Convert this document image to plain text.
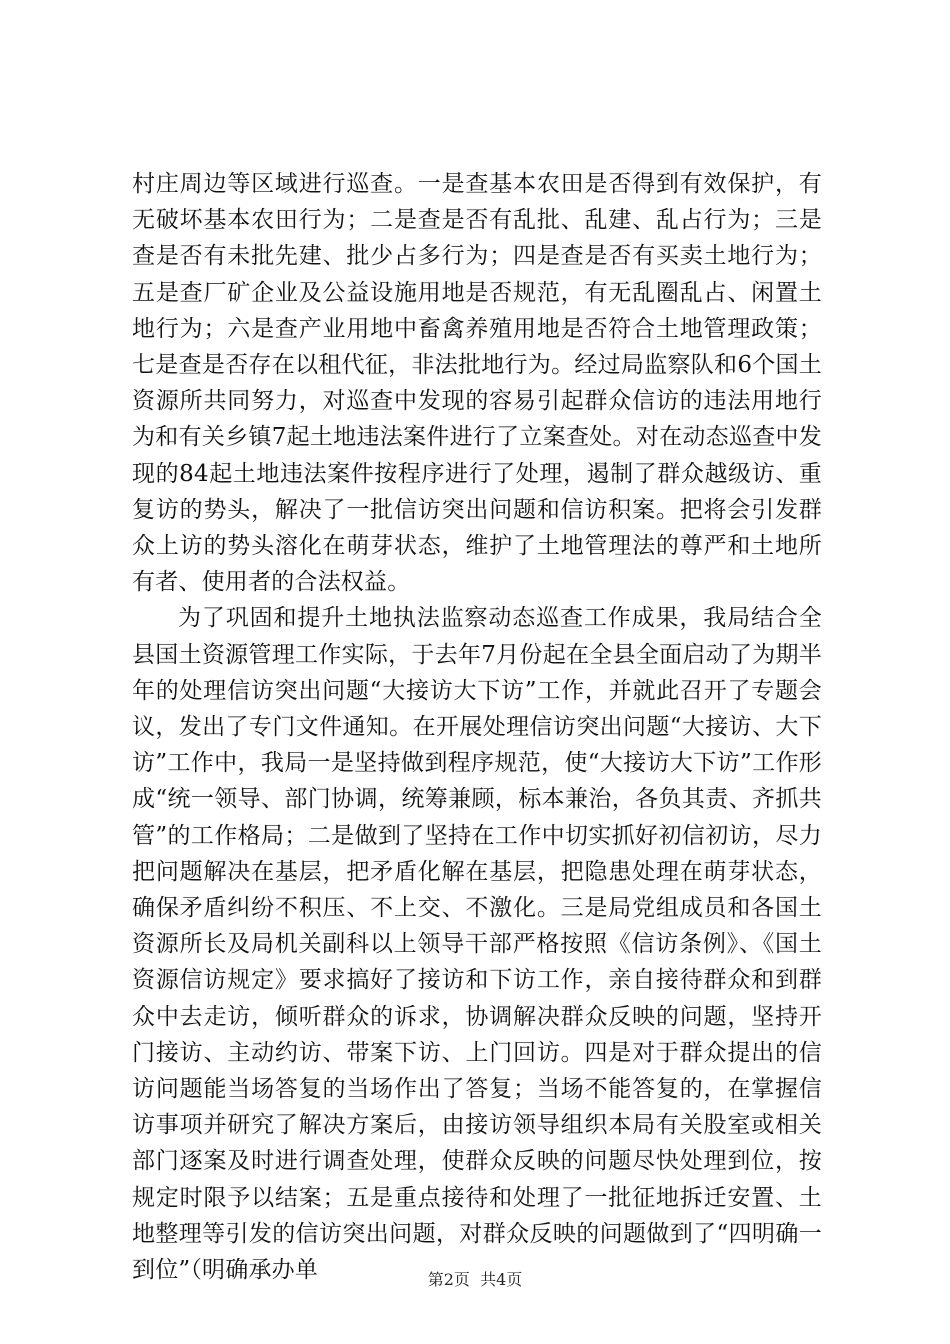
村庄周边等区域进行巡查。一是查基本农田是否得到有效保护，有无破坏基本农田行为；二是查是否有乱批、乱建、乱占行为；三是查是否有未批先建、批少占多行为；四是查是否有买卖土地行为；五是查厂矿企业及公益设施用地是否规范，有无乱圈乱占、闲置土地行为；六是查产业用地中畜禽养殖用地是否符合土地管理政策；七是查是否存在以租代征，非法批地行为。经过局监察队和6个国土资源所共同努力，对巡查中发现的容易引起群众信访的违法用地行为和有关乡镇7起土地违法案件进行了立案查处。对在动态巡查中发现的84起土地违法案件按程序进行了处理，遏制了群众越级访、重复访的势头，解决了一批信访突出问题和信访积案。把将会引发群众上访的势头溶化在萌芽状态，维护了土地管理法的尊严和土地所有者、使用者的合法权益。

为了巩固和提升土地执法监察动态巡查工作成果，我局结合全县国土资源管理工作实际，于去年7月份起在全县全面启动了为期半年的处理信访突出问题“大接访大下访”工作，并就此召开了专题会议，发出了专门文件通知。在开展处理信访突出问题“大接访、大下访”工作中，我局一是坚持做到程序规范，使“大接访大下访”工作形成“统一领导、部门协调，统筹兼顾，标本兼治，各负其责、齐抓共管”的工作格局；二是做到了坚持在工作中切实抓好初信初访，尽力把问题解决在基层，把矛盾化解在基层，把隐患处理在萌芽状态，确保矛盾纠纷不积压、不上交、不激化。三是局党组成员和各国土资源所长及局机关副科以上领导干部严格按照《信访条例》、《国土资源信访规定》要求搞好了接访和下访工作，亲自接待群众和到群众中去走访，倾听群众的诉求，协调解决群众反映的问题，坚持开门接访、主动约访、带案下访、上门回访。四是对于群众提出的信访问题能当场答复的当场作出了答复；当场不能答复的，在掌握信访事项并研究了解决方案后，由接访领导组织本局有关股室或相关部门逐案及时进行调查处理，使群众反映的问题尽快处理到位，按规定时限予以结案；五是重点接待和处理了一批征地拆迁安置、土地整理等引发的信访突出问题，对群众反映的问题做到了“四明确一到位”（明确承办单	第2页  共4页
